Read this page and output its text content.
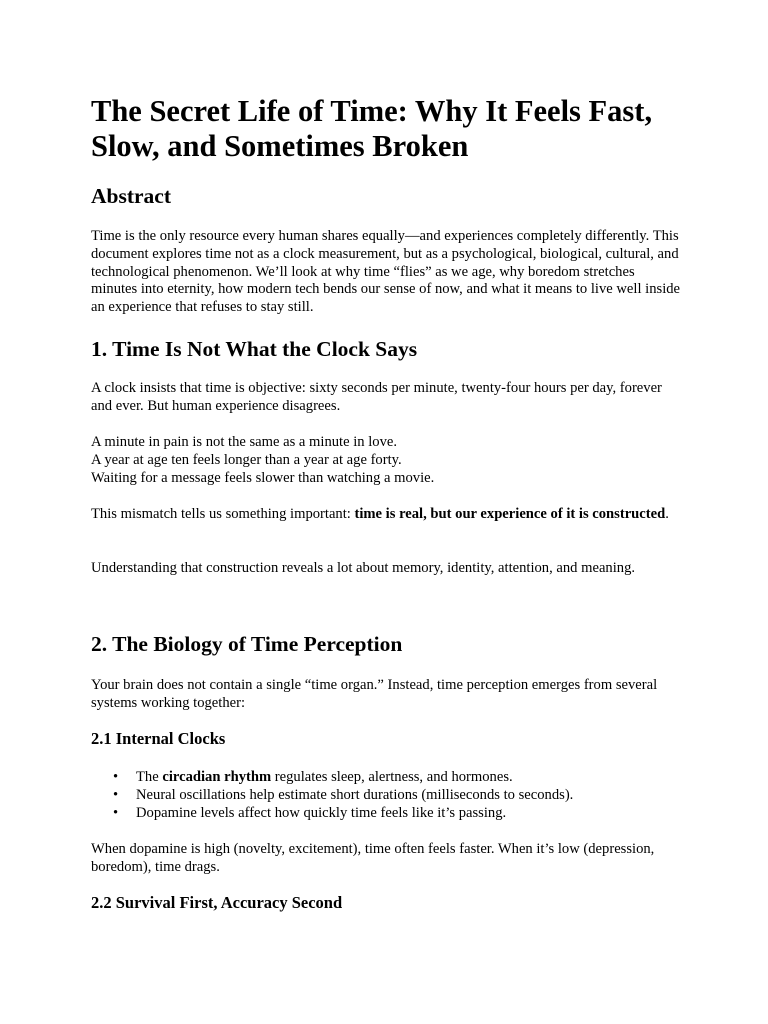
The Secret Life of Time: Why It Feels Fast,
Slow, and Sometimes Broken
Abstract

Time is the only resource every human shares equally—and experiences completely differently. This document explores time not as a clock measurement, but as a psychological, biological, cultural, and technological phenomenon. We’ll look at why time “flies” as we age, why boredom stretches minutes into eternity, how modern tech bends our sense of now, and what it means to live well inside an experience that refuses to stay still.

1. Time Is Not What the Clock Says

A clock insists that time is objective: sixty seconds per minute, twenty-four hours per day, forever and ever. But human experience disagrees.

A minute in pain is not the same as a minute in love.
A year at age ten feels longer than a year at age forty.
Waiting for a message feels slower than watching a movie.

This mismatch tells us something important: time is real, but our experience of it is constructed.

Understanding that construction reveals a lot about memory, identity, attention, and meaning.

2. The Biology of Time Perception

Your brain does not contain a single “time organ.” Instead, time perception emerges from several systems working together:

2.1 Internal Clocks
• The circadian rhythm regulates sleep, alertness, and hormones.
• Neural oscillations help estimate short durations (milliseconds to seconds).
• Dopamine levels affect how quickly time feels like it’s passing.

When dopamine is high (novelty, excitement), time often feels faster. When it’s low (depression, boredom), time drags.

2.2 Survival First, Accuracy Second
